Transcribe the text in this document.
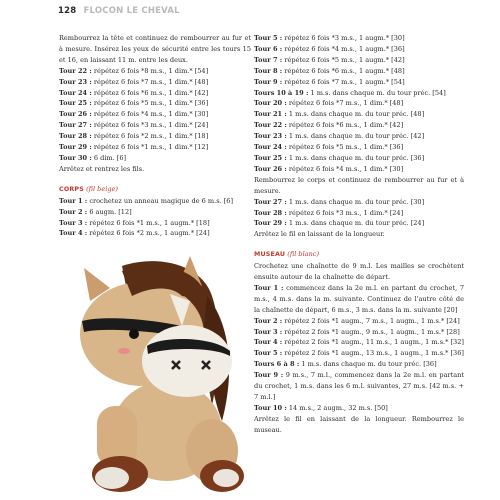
128 FLOCON LE CHEVAL

Rembourrez la tête et continuez de rembourrer au fur et à mesure. Insérez les yeux de sécurité entre les tours 15 et 16, en laissant 11 m. entre les deux.

Tour 22 : répétez 6 fois *8 m.s., 1 dim.* [54]

Tour 23 : répétez 6 fois *7 m.s., 1 dim.* [48]

Tour 24 : répétez 6 fois *6 m.s., 1 dim.* [42]

Tour 25 : répétez 6 fois *5 m.s., 1 dim.* [36]

Tour 26 : répétez 6 fois *4 m.s., 1 dim.* [30]

Tour 27 : répétez 6 fois *3 m.s., 1 dim.* [24]

Tour 28 : répétez 6 fois *2 m.s., 1 dim.* [18]

Tour 29 : répétez 6 fois *1 m.s., 1 dim.* [12]

Tour 30 : 6 dim. [6]

Arrêtez et rentrez les fils.

CORPS (fil beige)

Tour 1 : crochetez un anneau magique de 6 m.s. [6]

Tour 2 : 6 augm. [12]

Tour 3 : répétez 6 fois *1 m.s., 1 augm.* [18]

Tour 4 : répétez 6 fois *2 m.s., 1 augm.* [24]

Tour 5 : répétez 6 fois *3 m.s., 1 augm.* [30]

Tour 6 : répétez 6 fois *4 m.s., 1 augm.* [36]

Tour 7 : répétez 6 fois *5 m.s., 1 augm.* [42]

Tour 8 : répétez 6 fois *6 m.s., 1 augm.* [48]

Tour 9 : répétez 6 fois *7 m.s., 1 augm.* [54]

Tours 10 à 19 : 1 m.s. dans chaque m. du tour préc. [54]

Tour 20 : répétez 6 fois *7 m.s., 1 dim.* [48]

Tour 21 : 1 m.s. dans chaque m. du tour préc. [48]

Tour 22 : répétez 6 fois *6 m.s., 1 dim.* [42]

Tour 23 : 1 m.s. dans chaque m. du tour préc. [42]

Tour 24 : répétez 6 fois *5 m.s., 1 dim.* [36]

Tour 25 : 1 m.s. dans chaque m. du tour préc. [36]

Tour 26 : répétez 6 fois *4 m.s., 1 dim.* [30]

Rembourrez le corps et continuez de rembourrer au fur et à mesure.

Tour 27 : 1 m.s. dans chaque m. du tour préc. [30]

Tour 28 : répétez 6 fois *3 m.s., 1 dim.* [24]

Tour 29 : 1 m.s. dans chaque m. du tour préc. [24]

Arrêtez le fil en laissant de la longueur.

MUSEAU (fil blanc)

Crochetez une chaînette de 9 m.l. Les mailles se crochètent ensuite autour de la chaînette de départ.

Tour 1 : commencez dans la 2e m.l. en partant du crochet, 7 m.s., 4 m.s. dans la m. suivante. Continuez de l'autre côté de la chaînette de départ, 6 m.s., 3 m.s. dans la m. suivante [20]

Tour 2 : répétez 2 fois *1 augm., 7 m.s., 1 augm., 1 m.s.* [24]

Tour 3 : répétez 2 fois *1 augm., 9 m.s., 1 augm., 1 m.s.* [28]

Tour 4 : répétez 2 fois *1 augm., 11 m.s., 1 augm., 1 m.s.* [32]

Tour 5 : répétez 2 fois *1 augm., 13 m.s., 1 augm., 1 m.s.* [36]

Tours 6 à 8 : 1 m.s. dans chaque m. du tour préc. [36]

Tour 9 : 9 m.s., 7 m.l., commencez dans la 2e m.l. en partant du crochet, 1 m.s. dans les 6 m.l. suivantes, 27 m.s. [42 m.s. + 7 m.l.]

Tour 10 : 14 m.s., 2 augm., 32 m.s. [50]

Arrêtez le fil en laissant de la longueur. Rembourrez le museau.
